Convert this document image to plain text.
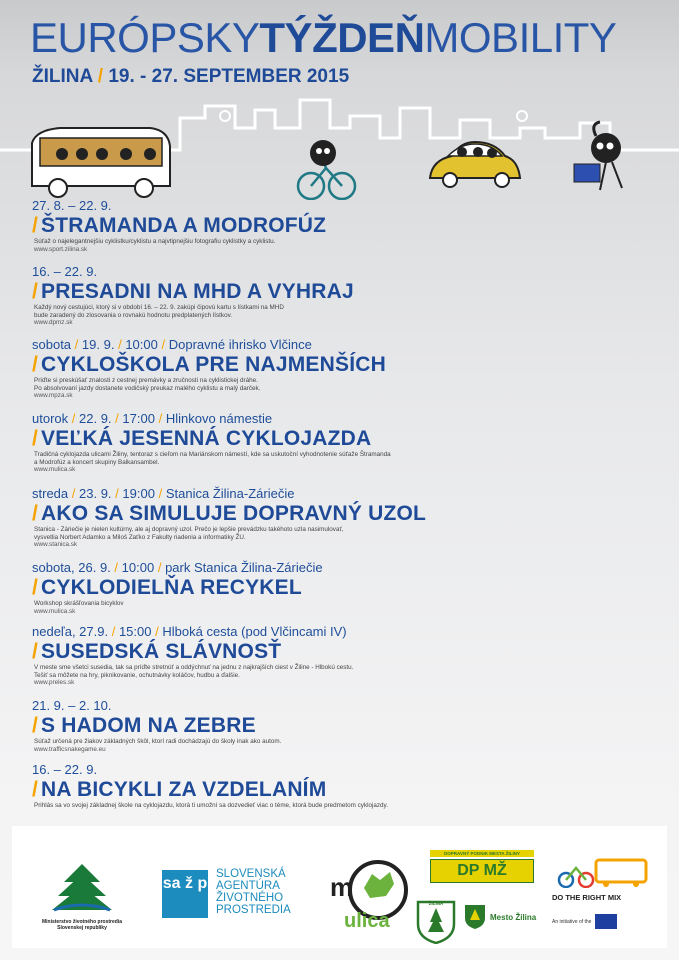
EURÓPSKYTÝŽDEŇMOBILITY
ŽILINA / 19. - 27. SEPTEMBER 2015
27. 8. – 22. 9.
/ ŠTRAMANDA A MODROFÚZ
Súťaž o najelegantnejšiu cyklistku/cyklistu a najvtipnejšiu fotografiu cyklistky a cyklistu.
www.sport.zilina.sk
16. – 22. 9.
/ PRESADNI NA MHD A VYHRAJ
Každý nový cestujúci, ktorý si v období 16. – 22. 9. zakúpi čipovú kartu s lístkami na MHD
bude zaradený do zlosovania o rovnakú hodnotu predplatených lístkov.
www.dpmz.sk
sobota / 19. 9. / 10:00 / Dopravné ihrisko Vlčince
/ CYKLOŠKOLA PRE NAJMENŠÍCH
Príďte si preskúšať znalosti z cestnej premávky a zručnosti na cyklistickej dráhe.
Po absolvovaní jazdy dostanete vodičský preukaz malého cyklistu a malý darček.
www.mpza.sk
utorok / 22. 9. / 17:00 / Hlinkovo námestie
/ VEĽKÁ JESENNÁ CYKLOJAZDA
Tradičná cyklojazda ulicami Žiliny, tentoraz s cieľom na Mariánskom námestí, kde sa uskutoční vyhodnotenie súťaže Štramanda
a Modrofúz a koncert skupiny Balkansambel.
www.mulica.sk
streda / 23. 9. / 19:00 / Stanica Žilina-Záriečie
/ AKO SA SIMULUJE DOPRAVNÝ UZOL
Stanica - Záriečie je nielen kultúrny, ale aj dopravný uzol. Prečo je lepšie prevádzku takéhoto uzla nasimulovať,
vysvetlia Norbert Adamko a Miloš Zaťko z Fakulty riadenia a informatiky ŽU.
www.stanica.sk
sobota, 26. 9. / 10:00 / park Stanica Žilina-Záriečie
/ CYKLODIELŇA RECYKEL
Workshop skrášľovania bicyklov
www.mulica.sk
nedeľa, 27.9. / 15:00 / Hlboká cesta (pod Vlčincami IV)
/ SUSEDSKÁ SLÁVNOSŤ
V meste sme všetci susedia, tak sa príďte stretnúť a oddýchnuť na jednu z najkrajších ciest v Žiline - Hlbokú cestu.
Tešiť sa môžete na hry, piknikovanie, ochutnávky koláčov, hudbu a ďalšie.
www.preles.sk
21. 9. – 2. 10.
/ S HADOM NA ZEBRE
Súťaž určená pre žiakov základných škôl, ktorí radi dochádzajú do školy inak ako autom.
www.trafficsnakegame.eu
16. – 22. 9.
/ NA BICYKLI ZA VZDELANÍM
Prihlás sa vo svojej základnej škole na cyklojazdu, ktorá ti umožní sa dozvedieť viac o téme, ktorá bude predmetom cyklojazdy.
Ministerstvo životného prostredia
Slovenskej republiky
sa ž p
SLOVENSKÁ
AGENTÚRA
ŽIVOTNÉHO
PROSTREDIA
m
ulica
DOPRAVNÝ PODNIK MESTA ŽILINY
DP MŽ
ŽILINA
Mesto Žilina
DO THE RIGHT MIX
An initiative of the
